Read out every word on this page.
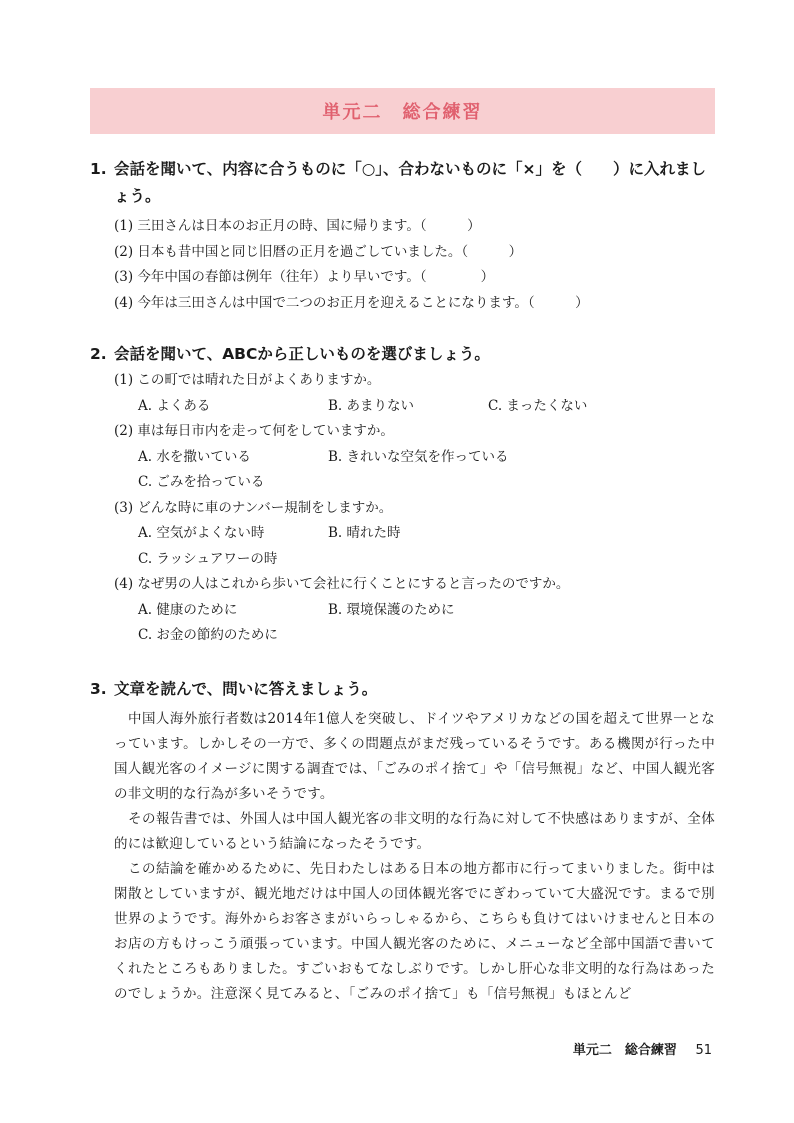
単元二　総合練習
1. 会話を聞いて、内容に合うものに「○」、合わないものに「×」を（　　）に入れましょう。
(1) 三田さんは日本のお正月の時、国に帰ります。（　　　）
(2) 日本も昔中国と同じ旧暦の正月を過ごしていました。（　　　）
(3) 今年中国の春節は例年（往年）より早いです。（　　　　）
(4) 今年は三田さんは中国で二つのお正月を迎えることになります。（　　　）
2. 会話を聞いて、ABCから正しいものを選びましょう。
(1) この町では晴れた日がよくありますか。
A. よくある	B. あまりない	C. まったくない
(2) 車は毎日市内を走って何をしていますか。
A. 水を撒いている	B. きれいな空気を作っている
C. ごみを拾っている
(3) どんな時に車のナンバー規制をしますか。
A. 空気がよくない時	B. 晴れた時
C. ラッシュアワーの時
(4) なぜ男の人はこれから歩いて会社に行くことにすると言ったのですか。
A. 健康のために	B. 環境保護のために
C. お金の節約のために
3. 文章を読んで、問いに答えましょう。

中国人海外旅行者数は2014年1億人を突破し、ドイツやアメリカなどの国を超えて世界一となっています。しかしその一方で、多くの問題点がまだ残っているそうです。ある機関が行った中国人観光客のイメージに関する調査では、「ごみのポイ捨て」や「信号無視」など、中国人観光客の非文明的な行為が多いそうです。

その報告書では、外国人は中国人観光客の非文明的な行為に対して不快感はありますが、全体的には歓迎しているという結論になったそうです。

この結論を確かめるために、先日わたしはある日本の地方都市に行ってまいりました。街中は閑散としていますが、観光地だけは中国人の団体観光客でにぎわっていて大盛況です。まるで別世界のようです。海外からお客さまがいらっしゃるから、こちらも負けてはいけませんと日本のお店の方もけっこう頑張っています。中国人観光客のために、メニューなど全部中国語で書いてくれたところもありました。すごいおもてなしぶりです。しかし肝心な非文明的な行為はあったのでしょうか。注意深く見てみると、「ごみのポイ捨て」も「信号無視」もほとんど

単元二　総合練習 51
